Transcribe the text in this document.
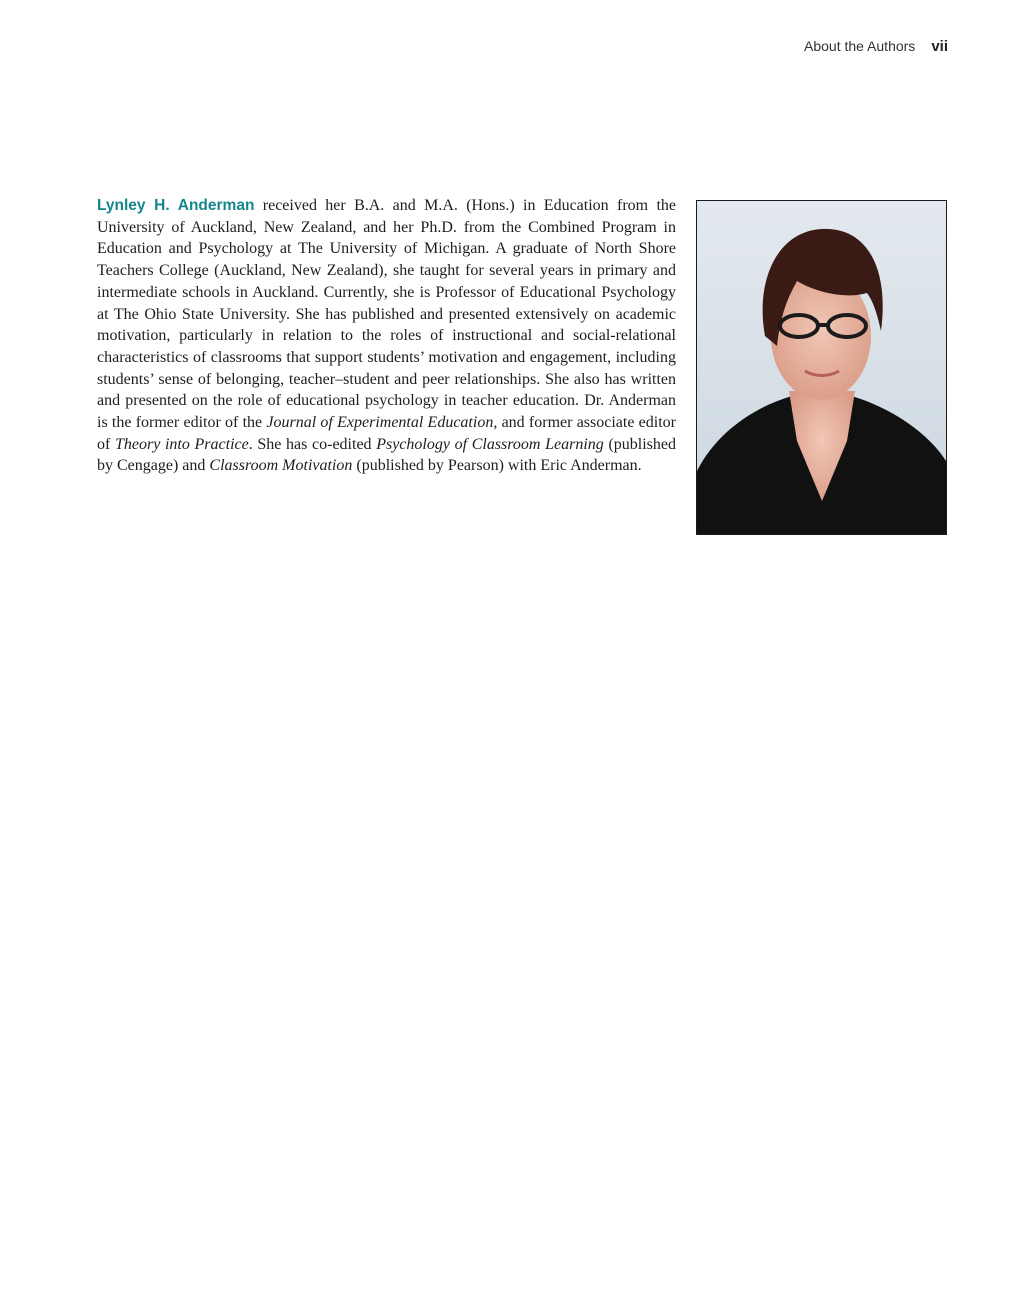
About the Authors vii

Lynley H. Anderman received her B.A. and M.A. (Hons.) in Education from the University of Auckland, New Zealand, and her Ph.D. from the Combined Program in Education and Psychology at The University of Michigan. A graduate of North Shore Teachers College (Auckland, New Zealand), she taught for several years in primary and intermediate schools in Auckland. Currently, she is Professor of Educational Psychology at The Ohio State University. She has published and presented extensively on academic motivation, particularly in relation to the roles of instructional and social-relational characteristics of classrooms that support students’ motivation and engagement, including students’ sense of belonging, teacher–student and peer relationships. She also has written and presented on the role of educational psychology in teacher education. Dr. Anderman is the former editor of the Journal of Experimental Education, and former associate editor of Theory into Practice. She has co-edited Psychology of Classroom Learning (published by Cengage) and Classroom Motivation (published by Pearson) with Eric Anderman.
